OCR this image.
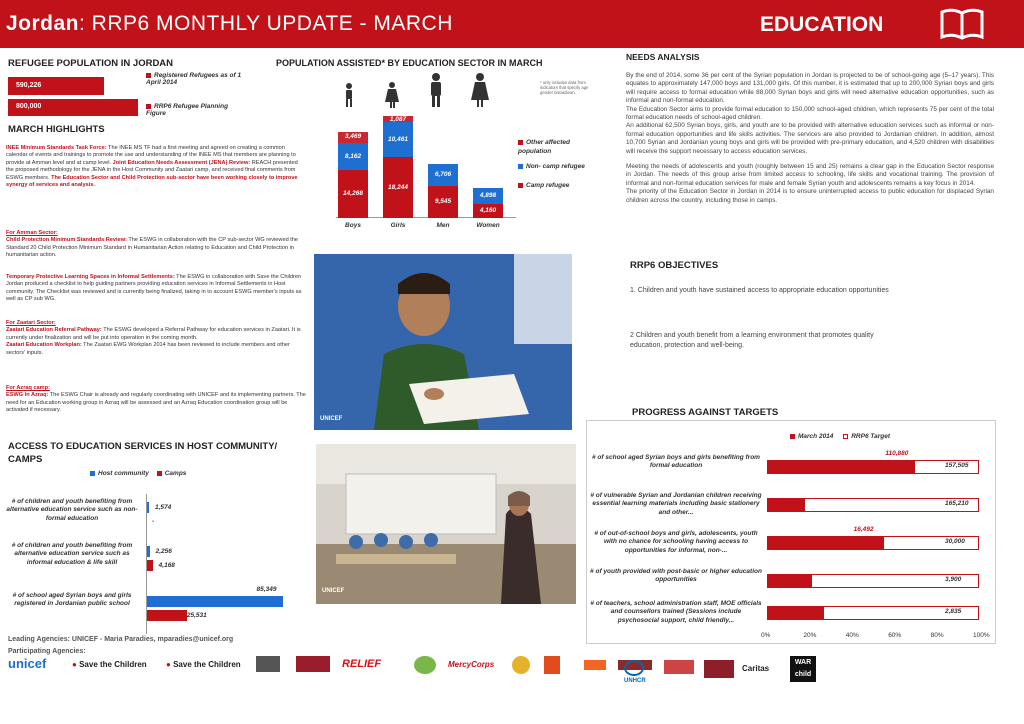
Jordan: RRP6 MONTHLY UPDATE - MARCH	EDUCATION
REFUGEE POPULATION IN JORDAN
590,226
800,000
Registered Refugees as of 1 April 2014
RRP6 Refugee Planning Figure
MARCH HIGHLIGHTS
INEE Minimum Standards Task Force: The INEE MS TF had a first meeting and agreed on creating a common calendar of events and trainings to promote the use and understanding of the INEE MS that members are planning to provide at Amman level and at camp level. Joint Education Needs Assessment (JENA) Review: REACH presented the proposed methodology for the JENA in the Host Community and Zaatari camp, and received final comments from ESWG members. The Education Sector and Child Protection sub-sector have been working closely to improve synergy of services and analysis.
For Amman Sector:
Child Protection Minimum Standards Review: The ESWG in collaboration with the CP sub-sector WG reviewed the Standard 20 Child Protection Minimum Standard in Humanitarian Action relating to Education and Child Protection in humanitarian action.
Temporary Protective Learning Spaces in Informal Settlements: The ESWG in collaboration with Save the Children Jordan produced a checklist to help guiding partners providing education services in Informal Settlements in Host community. The Checklist was reviewed and is currently being finalized, taking in to account ESWG member's inputs as well as CP sub WG.
For Zaatari Sector:
Zaatari Education Referral Pathway: The ESWG developed a Referral Pathway for education services in Zaatari. It is currently under finalization and will be put into operation in the coming month.
Zaatari Education Workplan: The Zaatari EWG Workplan 2014 has been reviewed to include members and other sectors' inputs.
For Azraq camp:
ESWG in Azraq: The ESWG Chair is already and regularly coordinating with UNICEF and its implementing partners. The need for an Education working group in Azraq will be assessed and an Azraq Education coordination group will be activated if necessary.
POPULATION ASSISTED* BY EDUCATION SECTOR IN MARCH
* only includes data from indicators that specify age gender breakdown.
14,268
8,162
3,469
18,244
10,461
1,087
9,545
6,706
4,160
4,898
Boys	Girls	Men	Women
Other affected population
Non- camp refugee
Camp refugee
UNICEF
UNICEF
ACCESS TO EDUCATION SERVICES IN HOST COMMUNITY/ CAMPS
Host community Camps
# of children and youth benefiting from alternative education service such as non-formal education
1,574
-
# of children and youth benefiting from alternative education service such as informal education & life skill
2,256
4,168
# of school aged Syrian boys and girls registered in Jordanian public school
85,349
25,531
NEEDS ANALYSIS
By the end of 2014, some 36 per cent of the Syrian population in Jordan is projected to be of school-going age (5–17 years). This equates to approximately 147,000 boys and 131,000 girls. Of this number, it is estimated that up to 200,000 Syrian boys and girls will require access to formal education while 88,000 Syrian boys and girls will need alternative education opportunities, such as informal and non-formal education.
The Education Sector aims to provide formal education to 150,000 school-aged children, which represents 75 per cent of the total formal education needs of school-aged children.
An additional 62,500 Syrian boys, girls, and youth are to be provided with alternative education services such as informal or non-formal education opportunities and life skills activities. The services are also provided to Jordanian children. In addition, almost 10,700 Syrian and Jordanian young boys and girls will be provided with pre-primary education, and 4,520 children with disabilities will receive the support necessary to access education services.
Meeting the needs of adolescents and youth (roughly between 15 and 25) remains a clear gap in the Education Sector response in Jordan. The needs of this group arise from limited access to schooling, life skills and vocational training. The provision of informal and non-formal education services for male and female Syrian youth and adolescents remains a key focus in 2014.
The priority of the Education Sector in Jordan in 2014 is to ensure uninterrupted access to public education for displaced Syrian children across the country, including those in camps.
RRP6 OBJECTIVES
1. Children and youth have sustained access to appropriate education opportunities
2 Children and youth benefit from a learning environment that promotes quality education, protection and well-being.
PROGRESS AGAINST TARGETS
March 2014	RRP6 Target
# of school aged Syrian boys and girls benefiting from formal education
110,880
157,505
# of vulnerable Syrian and Jordanian children receiving essential learning materials including basic stationery and other...
29,805	165,210
# of out-of-school boys and girls, adolescents, youth with no chance for schooling having access to opportunities for informal, non-...
16,492
30,000
# of youth provided with post-basic or higher education opportunities	829	3,900
# of teachers, school administration staff, MOE officials and counsellors trained (Sessions include psychosocial support, child friendly...
760	2,835
0%	20%	40%	60%	80%	100%
Leading Agencies: UNICEF - Maria Paradies, mparadies@unicef.org
Participating Agencies:
unicef	● Save the Children ● Save the Children	RELIEF	MercyCorps
UNHCR
Caritas
WAR child
